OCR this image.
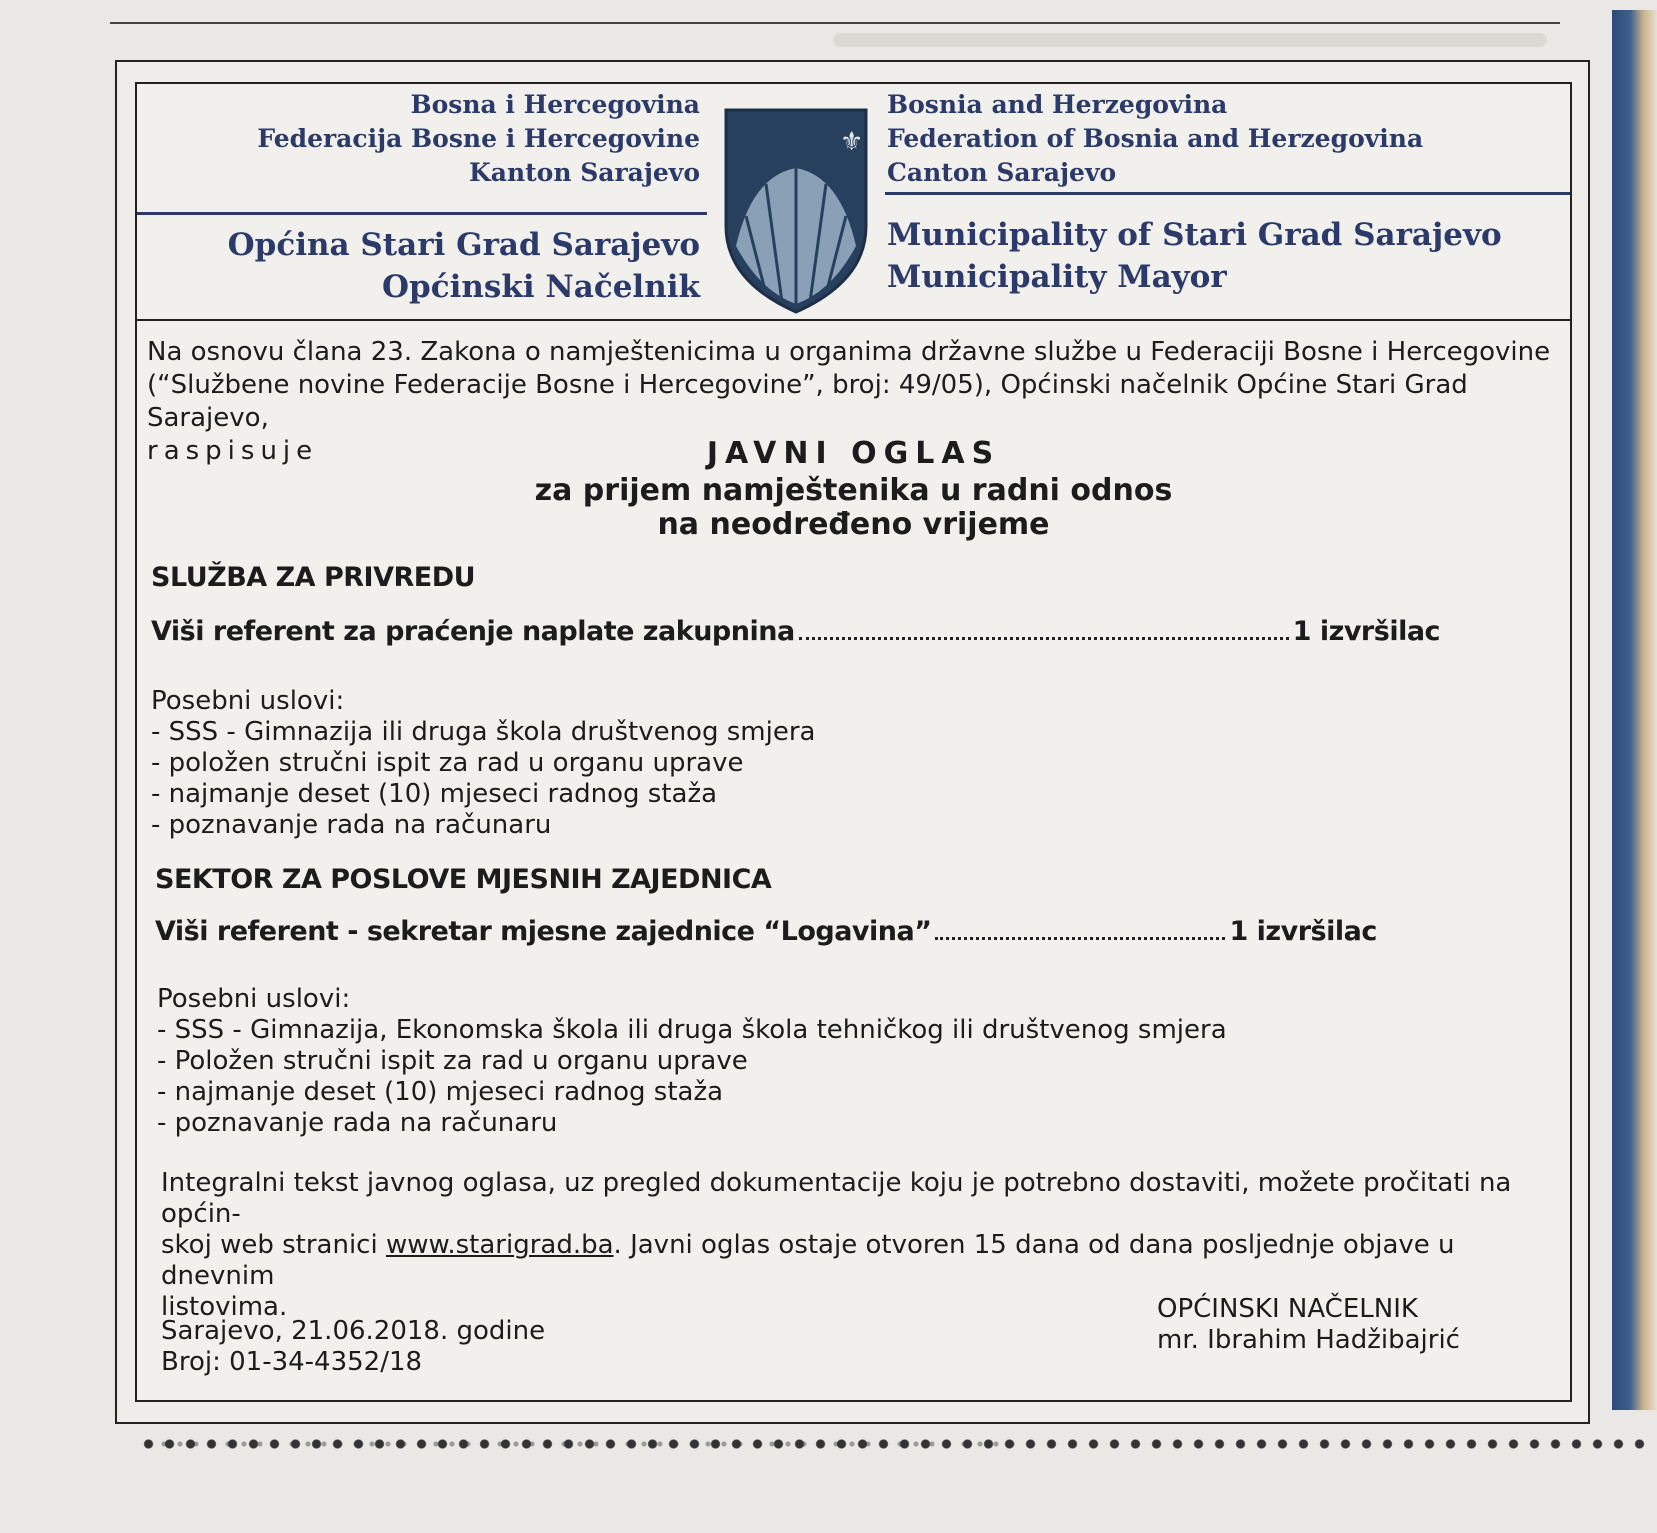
Bosna i Hercegovina
Federacija Bosne i Hercegovine
Kanton Sarajevo
Općina Stari Grad Sarajevo
Općinski Načelnik
⚜
Bosnia and Herzegovina
Federation of Bosnia and Herzegovina
Canton Sarajevo
Municipality of Stari Grad Sarajevo
Municipality Mayor
Na osnovu člana 23. Zakona o namještenicima u organima državne službe u Federaciji Bosne i Hercegovine
(“Službene novine Federacije Bosne i Hercegovine”, broj: 49/05), Općinski načelnik Općine Stari Grad Sarajevo,
raspisuje	JAVNI OGLAS
za prijem namještenika u radni odnos
na neodređeno vrijeme
SLUŽBA ZA PRIVREDU
Viši referent za praćenje naplate zakupnina	1 izvršilac
Posebni uslovi:
- SSS - Gimnazija ili druga škola društvenog smjera
- položen stručni ispit za rad u organu uprave
- najmanje deset (10) mjeseci radnog staža
- poznavanje rada na računaru
SEKTOR ZA POSLOVE MJESNIH ZAJEDNICA
Viši referent - sekretar mjesne zajednice “Logavina”	1 izvršilac
Posebni uslovi:
- SSS - Gimnazija, Ekonomska škola ili druga škola tehničkog ili društvenog smjera
- Položen stručni ispit za rad u organu uprave
- najmanje deset (10) mjeseci radnog staža
- poznavanje rada na računaru
Integralni tekst javnog oglasa, uz pregled dokumentacije koju je potrebno dostaviti, možete pročitati na općin-
skoj web stranici www.starigrad.ba. Javni oglas ostaje otvoren 15 dana od dana posljednje objave u dnevnim
listovima.
Sarajevo, 21.06.2018. godine
Broj: 01-34-4352/18
OPĆINSKI NAČELNIK
mr. Ibrahim Hadžibajrić
